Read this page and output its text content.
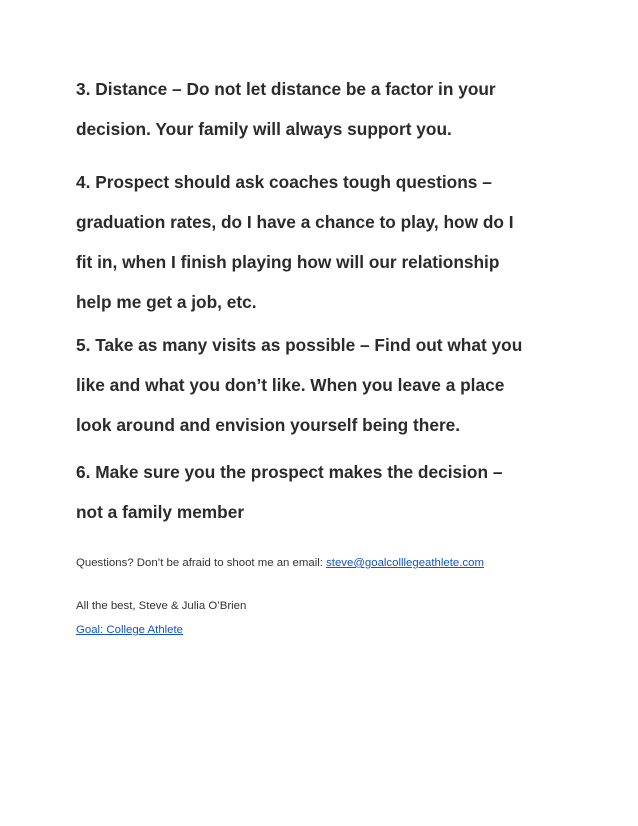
3. Distance – Do not let distance be a factor in your
decision. Your family will always support you.

4. Prospect should ask coaches tough questions –
graduation rates, do I have a chance to play, how do I
fit in, when I finish playing how will our relationship
help me get a job, etc.

5. Take as many visits as possible – Find out what you
like and what you don’t like. When you leave a place
look around and envision yourself being there.

6. Make sure you the prospect makes the decision –
not a family member

Questions? Don’t be afraid to shoot me an email: steve@goalcolllegeathlete.com

All the best, Steve & Julia O’Brien

Goal: College Athlete
